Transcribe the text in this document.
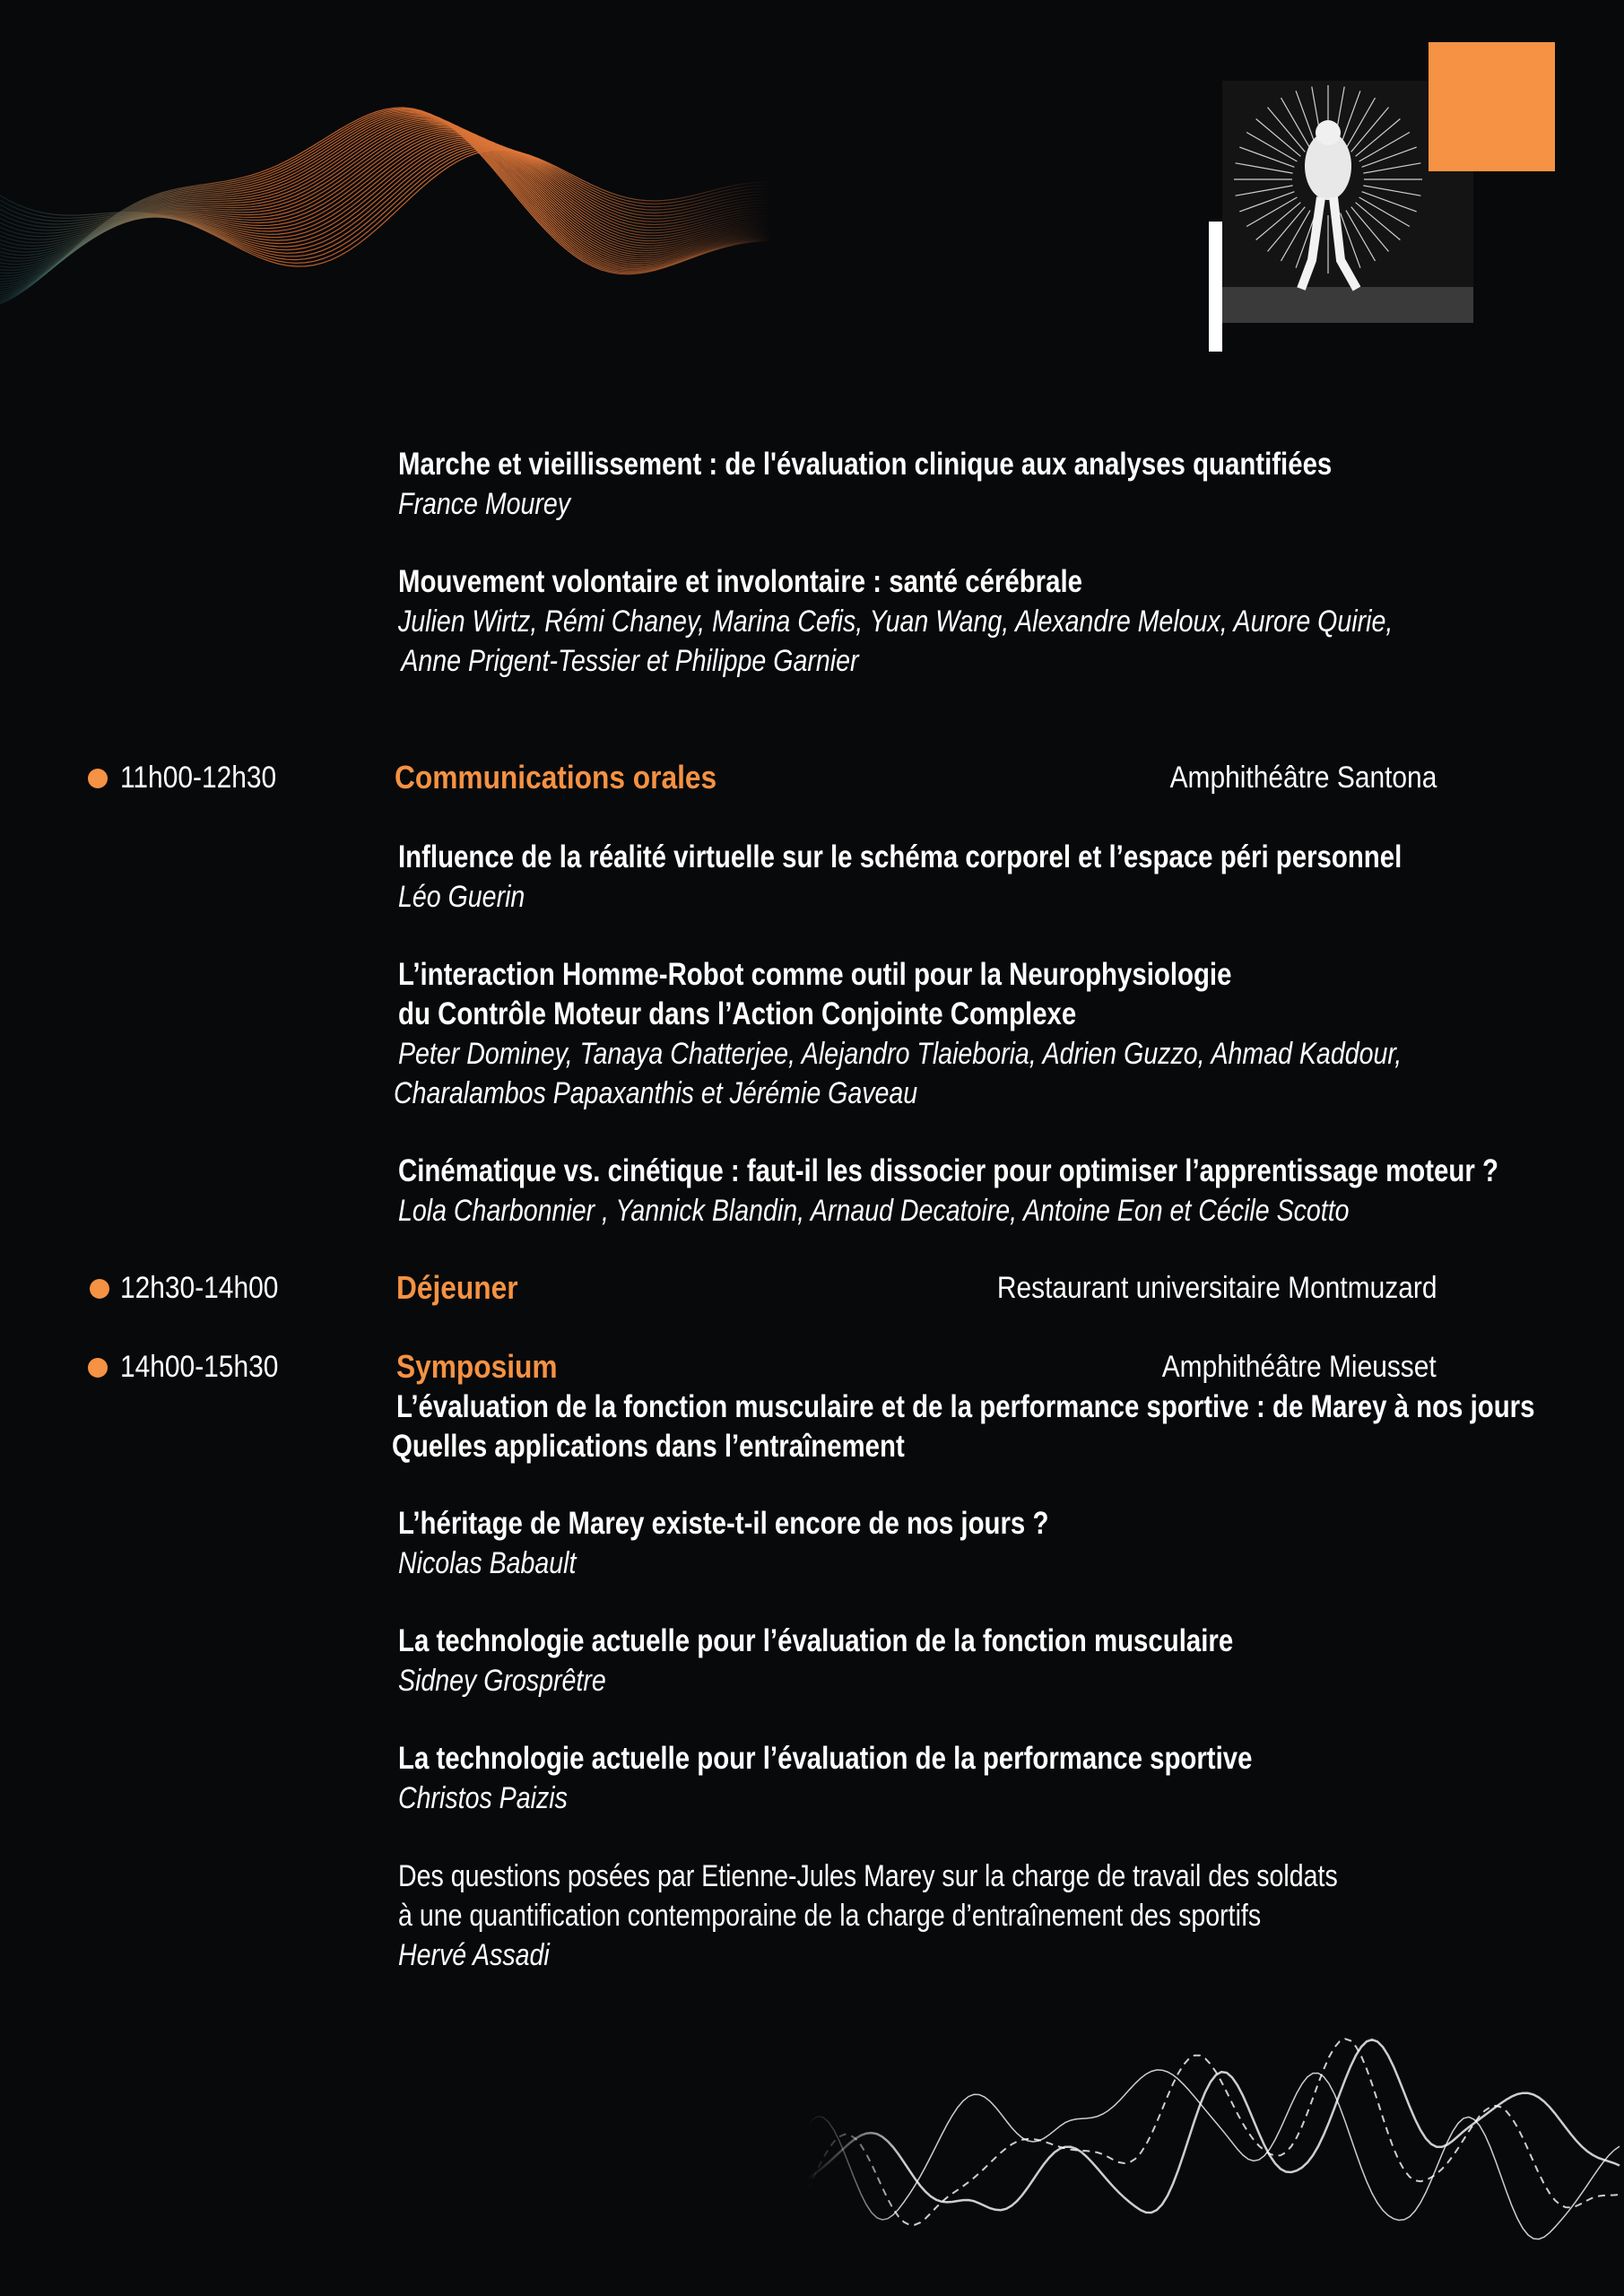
Marche et vieillissement : de l'évaluation clinique aux analyses quantifiées
France Mourey
Mouvement volontaire et involontaire : santé cérébrale
Julien Wirtz, Rémi Chaney, Marina Cefis, Yuan Wang, Alexandre Meloux, Aurore Quirie,
Anne Prigent-Tessier et Philippe Garnier
11h00-12h30	Communications orales	Amphithéâtre Santona
Influence de la réalité virtuelle sur le schéma corporel et l’espace péri personnel
Léo Guerin
L’interaction Homme-Robot comme outil pour la Neurophysiologie
du Contrôle Moteur dans l’Action Conjointe Complexe
Peter Dominey, Tanaya Chatterjee, Alejandro Tlaieboria, Adrien Guzzo, Ahmad Kaddour,
Charalambos Papaxanthis et Jérémie Gaveau
Cinématique vs. cinétique : faut-il les dissocier pour optimiser l’apprentissage moteur ?
Lola Charbonnier , Yannick Blandin, Arnaud Decatoire, Antoine Eon et Cécile Scotto
12h30-14h00	Déjeuner	Restaurant universitaire Montmuzard
14h00-15h30	Symposium	Amphithéâtre Mieusset
L’évaluation de la fonction musculaire et de la performance sportive : de Marey à nos jours
Quelles applications dans l’entraînement
L’héritage de Marey existe-t-il encore de nos jours ?
Nicolas Babault
La technologie actuelle pour l’évaluation de la fonction musculaire
Sidney Grosprêtre
La technologie actuelle pour l’évaluation de la performance sportive
Christos Paizis
Des questions posées par Etienne-Jules Marey sur la charge de travail des soldats
à une quantification contemporaine de la charge d’entraînement des sportifs
Hervé Assadi
